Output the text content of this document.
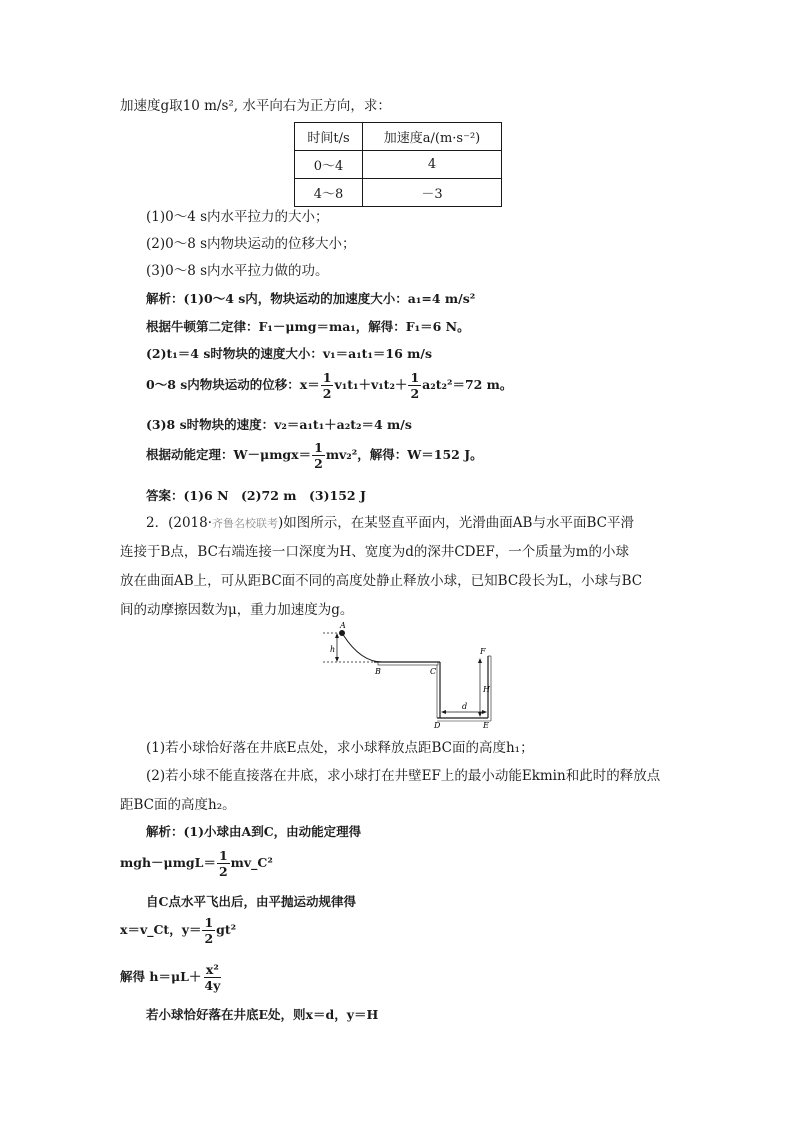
加速度g取10 m/s², 水平向右为正方向，求：
时间t/s	加速度a/(m·s⁻²)
0～4	4
4～8	－3
(1)0～4 s内水平拉力的大小；
(2)0～8 s内物块运动的位移大小；
(3)0～8 s内水平拉力做的功。
解析：(1)0～4 s内，物块运动的加速度大小：a₁=4 m/s²
根据牛顿第二定律：F₁－μmg＝ma₁，解得：F₁＝6 N。
(2)t₁＝4 s时物块的速度大小：v₁＝a₁t₁＝16 m/s
0～8 s内物块运动的位移：$x= \frac{1}{2} v_1t_1+v_1t_2+ \frac{1}{2} a_2t_2^2=72$ m。
(3)8 s时物块的速度：v₂＝a₁t₁＋a₂t₂＝4 m/s
根据动能定理：$W-\mu mgx= \frac{1}{2} mv_2^2$，解得：W＝152 J。
答案：(1)6 N　(2)72 m　(3)152 J
2．(2018·齐鲁名校联考)如图所示，在某竖直平面内，光滑曲面AB与水平面BC平滑
连接于B点，BC右端连接一口深度为H、宽度为d的深井CDEF，一个质量为m的小球
放在曲面AB上，可从距BC面不同的高度处静止释放小球，已知BC段长为L，小球与BC
间的动摩擦因数为μ，重力加速度为g。
A
h
B	C
D	E
F
d
H
(1)若小球恰好落在井底E点处，求小球释放点距BC面的高度h₁；
(2)若小球不能直接落在井底，求小球打在井壁EF上的最小动能Ekmin和此时的释放点
距BC面的高度h₂。
解析：(1)小球由A到C，由动能定理得
$mgh-\mu mgL= \frac{1}{2}$ mv_C²
自C点水平飞出后，由平抛运动规律得
x＝v_Ct，$y= \frac{1}{2} gt^2$
解得 $h=\mu L+ \frac{\text{x²}}{4y}$
若小球恰好落在井底E处，则x＝d，y＝H
